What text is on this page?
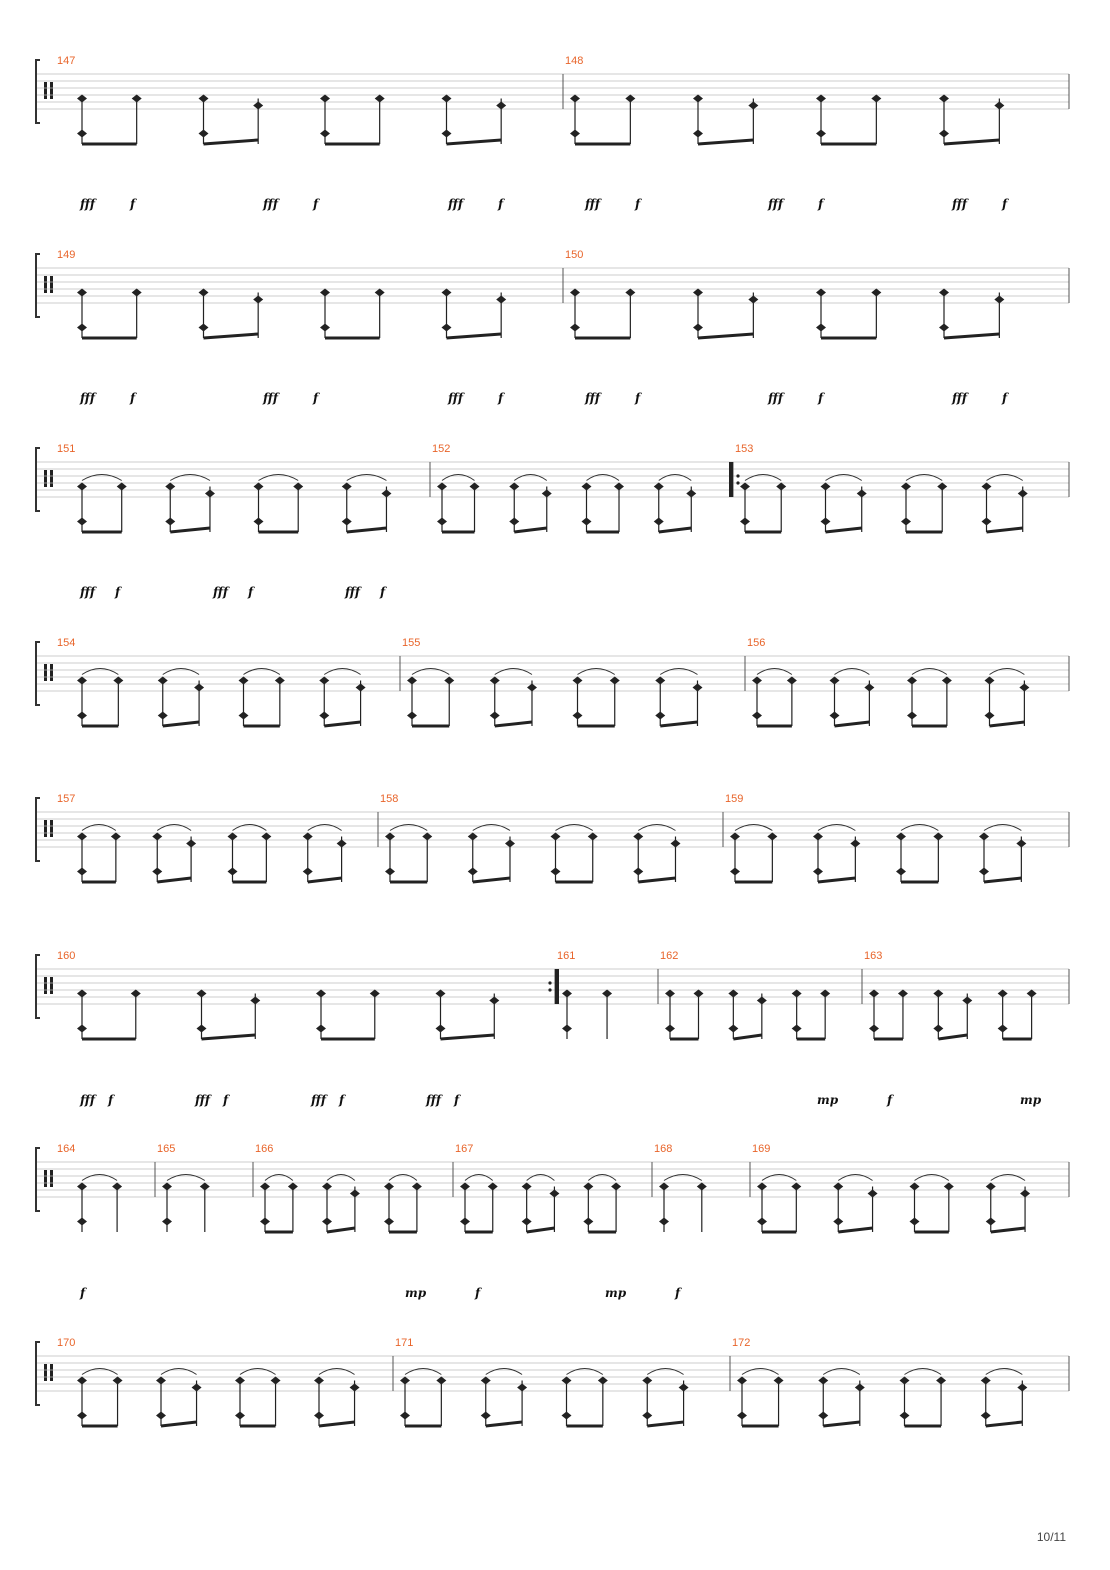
147	148
fff	f	fff	f	fff	f	fff	f	fff	f	fff	f
149	150
fff	f	fff	f	fff	f	fff	f	fff	f	fff	f
151	152	153
fff f	fff f	fff f
154	155	156
157	158	159
160	161	162	163
fff f	fff f	fff f	fff f	mp	f	mp
164	165	166	167	168	169
f	mp	f	mp	f
170	171	172
10/11
